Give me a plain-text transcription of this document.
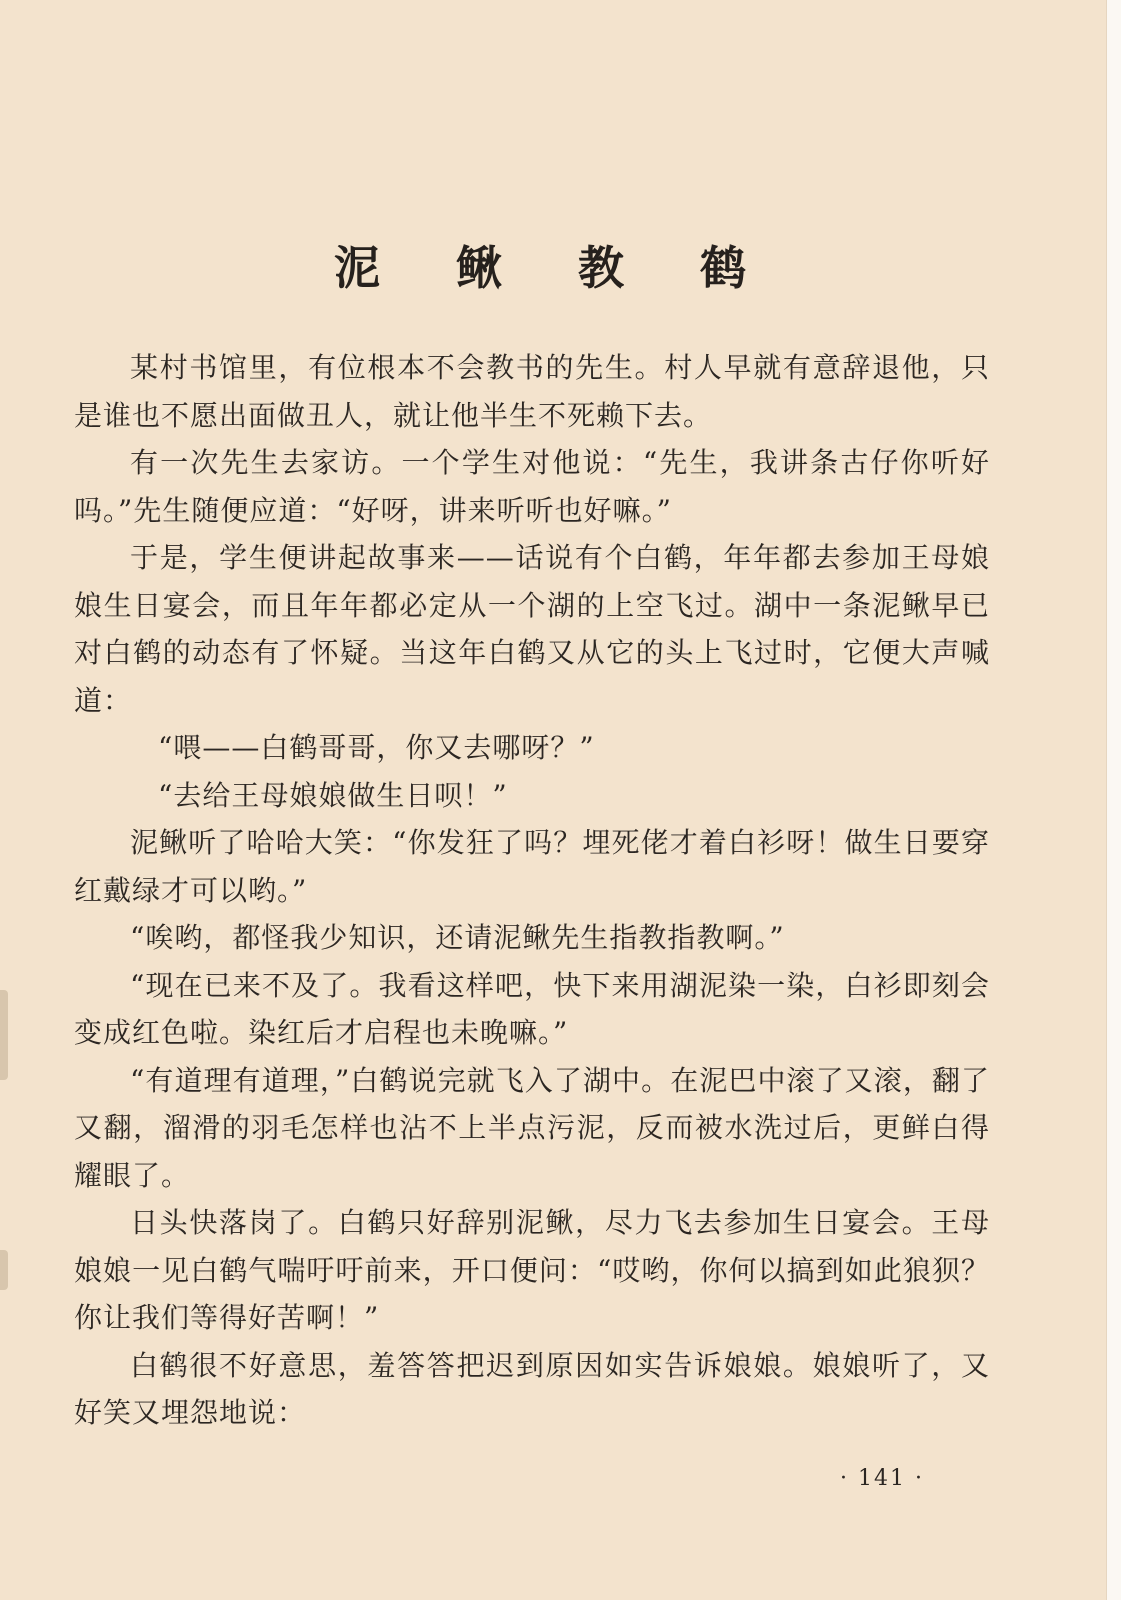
泥 鳅 教 鹤

某村书馆里，有位根本不会教书的先生。村人早就有意辞退他，只是谁也不愿出面做丑人，就让他半生不死赖下去。

有一次先生去家访。一个学生对他说：“先生，我讲条古仔你听好吗。”先生随便应道：“好呀，讲来听听也好嘛。”

于是，学生便讲起故事来——话说有个白鹤，年年都去参加王母娘娘生日宴会，而且年年都必定从一个湖的上空飞过。湖中一条泥鳅早已对白鹤的动态有了怀疑。当这年白鹤又从它的头上飞过时，它便大声喊道：

“喂——白鹤哥哥，你又去哪呀？”

“去给王母娘娘做生日呗！”

泥鳅听了哈哈大笑：“你发狂了吗？埋死佬才着白衫呀！做生日要穿红戴绿才可以哟。”

“唉哟，都怪我少知识，还请泥鳅先生指教指教啊。”

“现在已来不及了。我看这样吧，快下来用湖泥染一染，白衫即刻会变成红色啦。染红后才启程也未晚嘛。”

“有道理有道理，”白鹤说完就飞入了湖中。在泥巴中滚了又滚，翻了又翻，溜滑的羽毛怎样也沾不上半点污泥，反而被水洗过后，更鲜白得耀眼了。

日头快落岗了。白鹤只好辞别泥鳅，尽力飞去参加生日宴会。王母娘娘一见白鹤气喘吁吁前来，开口便问：“哎哟，你何以搞到如此狼狈？你让我们等得好苦啊！”

白鹤很不好意思，羞答答把迟到原因如实告诉娘娘。娘娘听了，又好笑又埋怨地说：

· 141 ·
